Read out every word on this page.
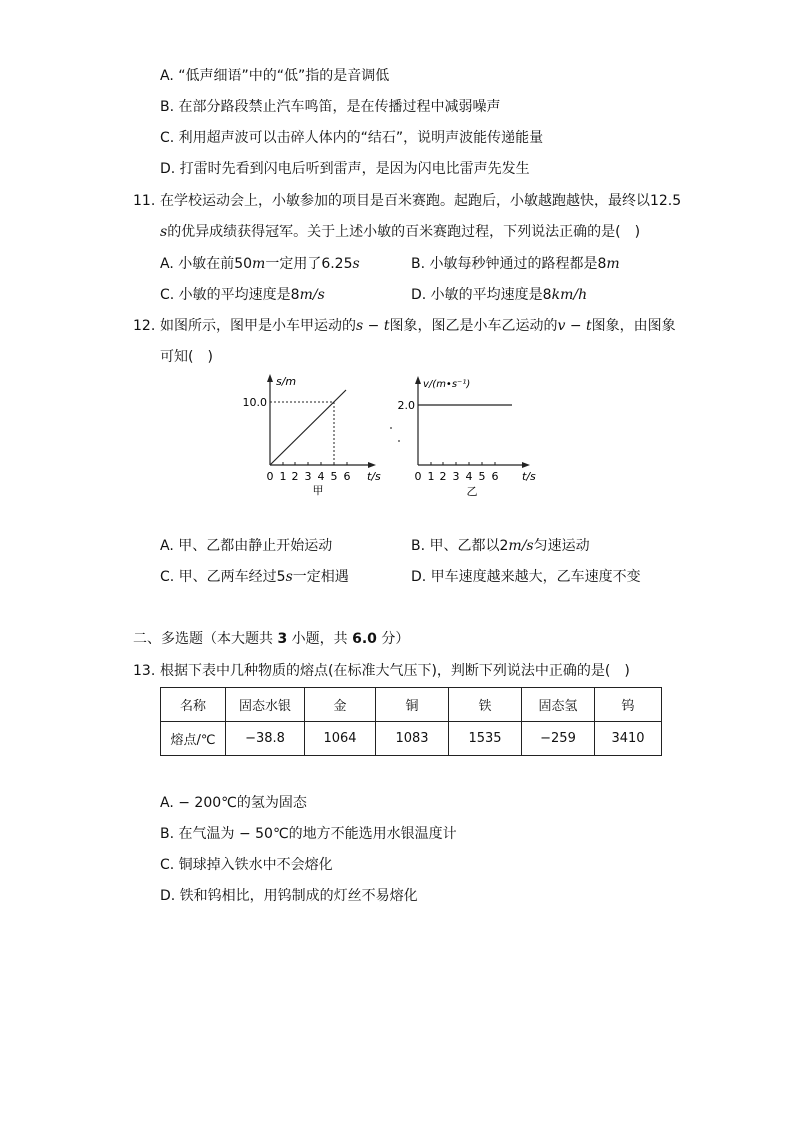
A. “低声细语”中的“低”指的是音调低
B. 在部分路段禁止汽车鸣笛，是在传播过程中减弱噪声
C. 利用超声波可以击碎人体内的“结石”，说明声波能传递能量
D. 打雷时先看到闪电后听到雷声，是因为闪电比雷声先发生
11. 在学校运动会上，小敏参加的项目是百米赛跑。起跑后，小敏越跑越快，最终以12.5
s的优异成绩获得冠军。关于上述小敏的百米赛跑过程，下列说法正确的是(　)
A. 小敏在前50m一定用了6.25s	B. 小敏每秒钟通过的路程都是8m
C. 小敏的平均速度是8m/s	D. 小敏的平均速度是8km/h
12. 如图所示，图甲是小车甲运动的s − t图象，图乙是小车乙运动的v − t图象，由图象
可知(　)
s/m
10.0
0 1 2 3 4 5 6 t/s
甲
v/(m•s⁻¹)
2.0
0 1 2 3 4 5 6 t/s
乙
A. 甲、乙都由静止开始运动	B. 甲、乙都以2m/s匀速运动
C. 甲、乙两车经过5s一定相遇	D. 甲车速度越来越大，乙车速度不变
二、多选题（本大题共 3 小题，共 6.0 分）
13. 根据下表中几种物质的熔点(在标准大气压下)，判断下列说法中正确的是(　)
名称	固态水银	金	铜	铁	固态氢	钨
熔点/℃	−38.8	1064	1083	1535	−259	3410
A. − 200℃的氢为固态
B. 在气温为 − 50℃的地方不能选用水银温度计
C. 铜球掉入铁水中不会熔化
D. 铁和钨相比，用钨制成的灯丝不易熔化
